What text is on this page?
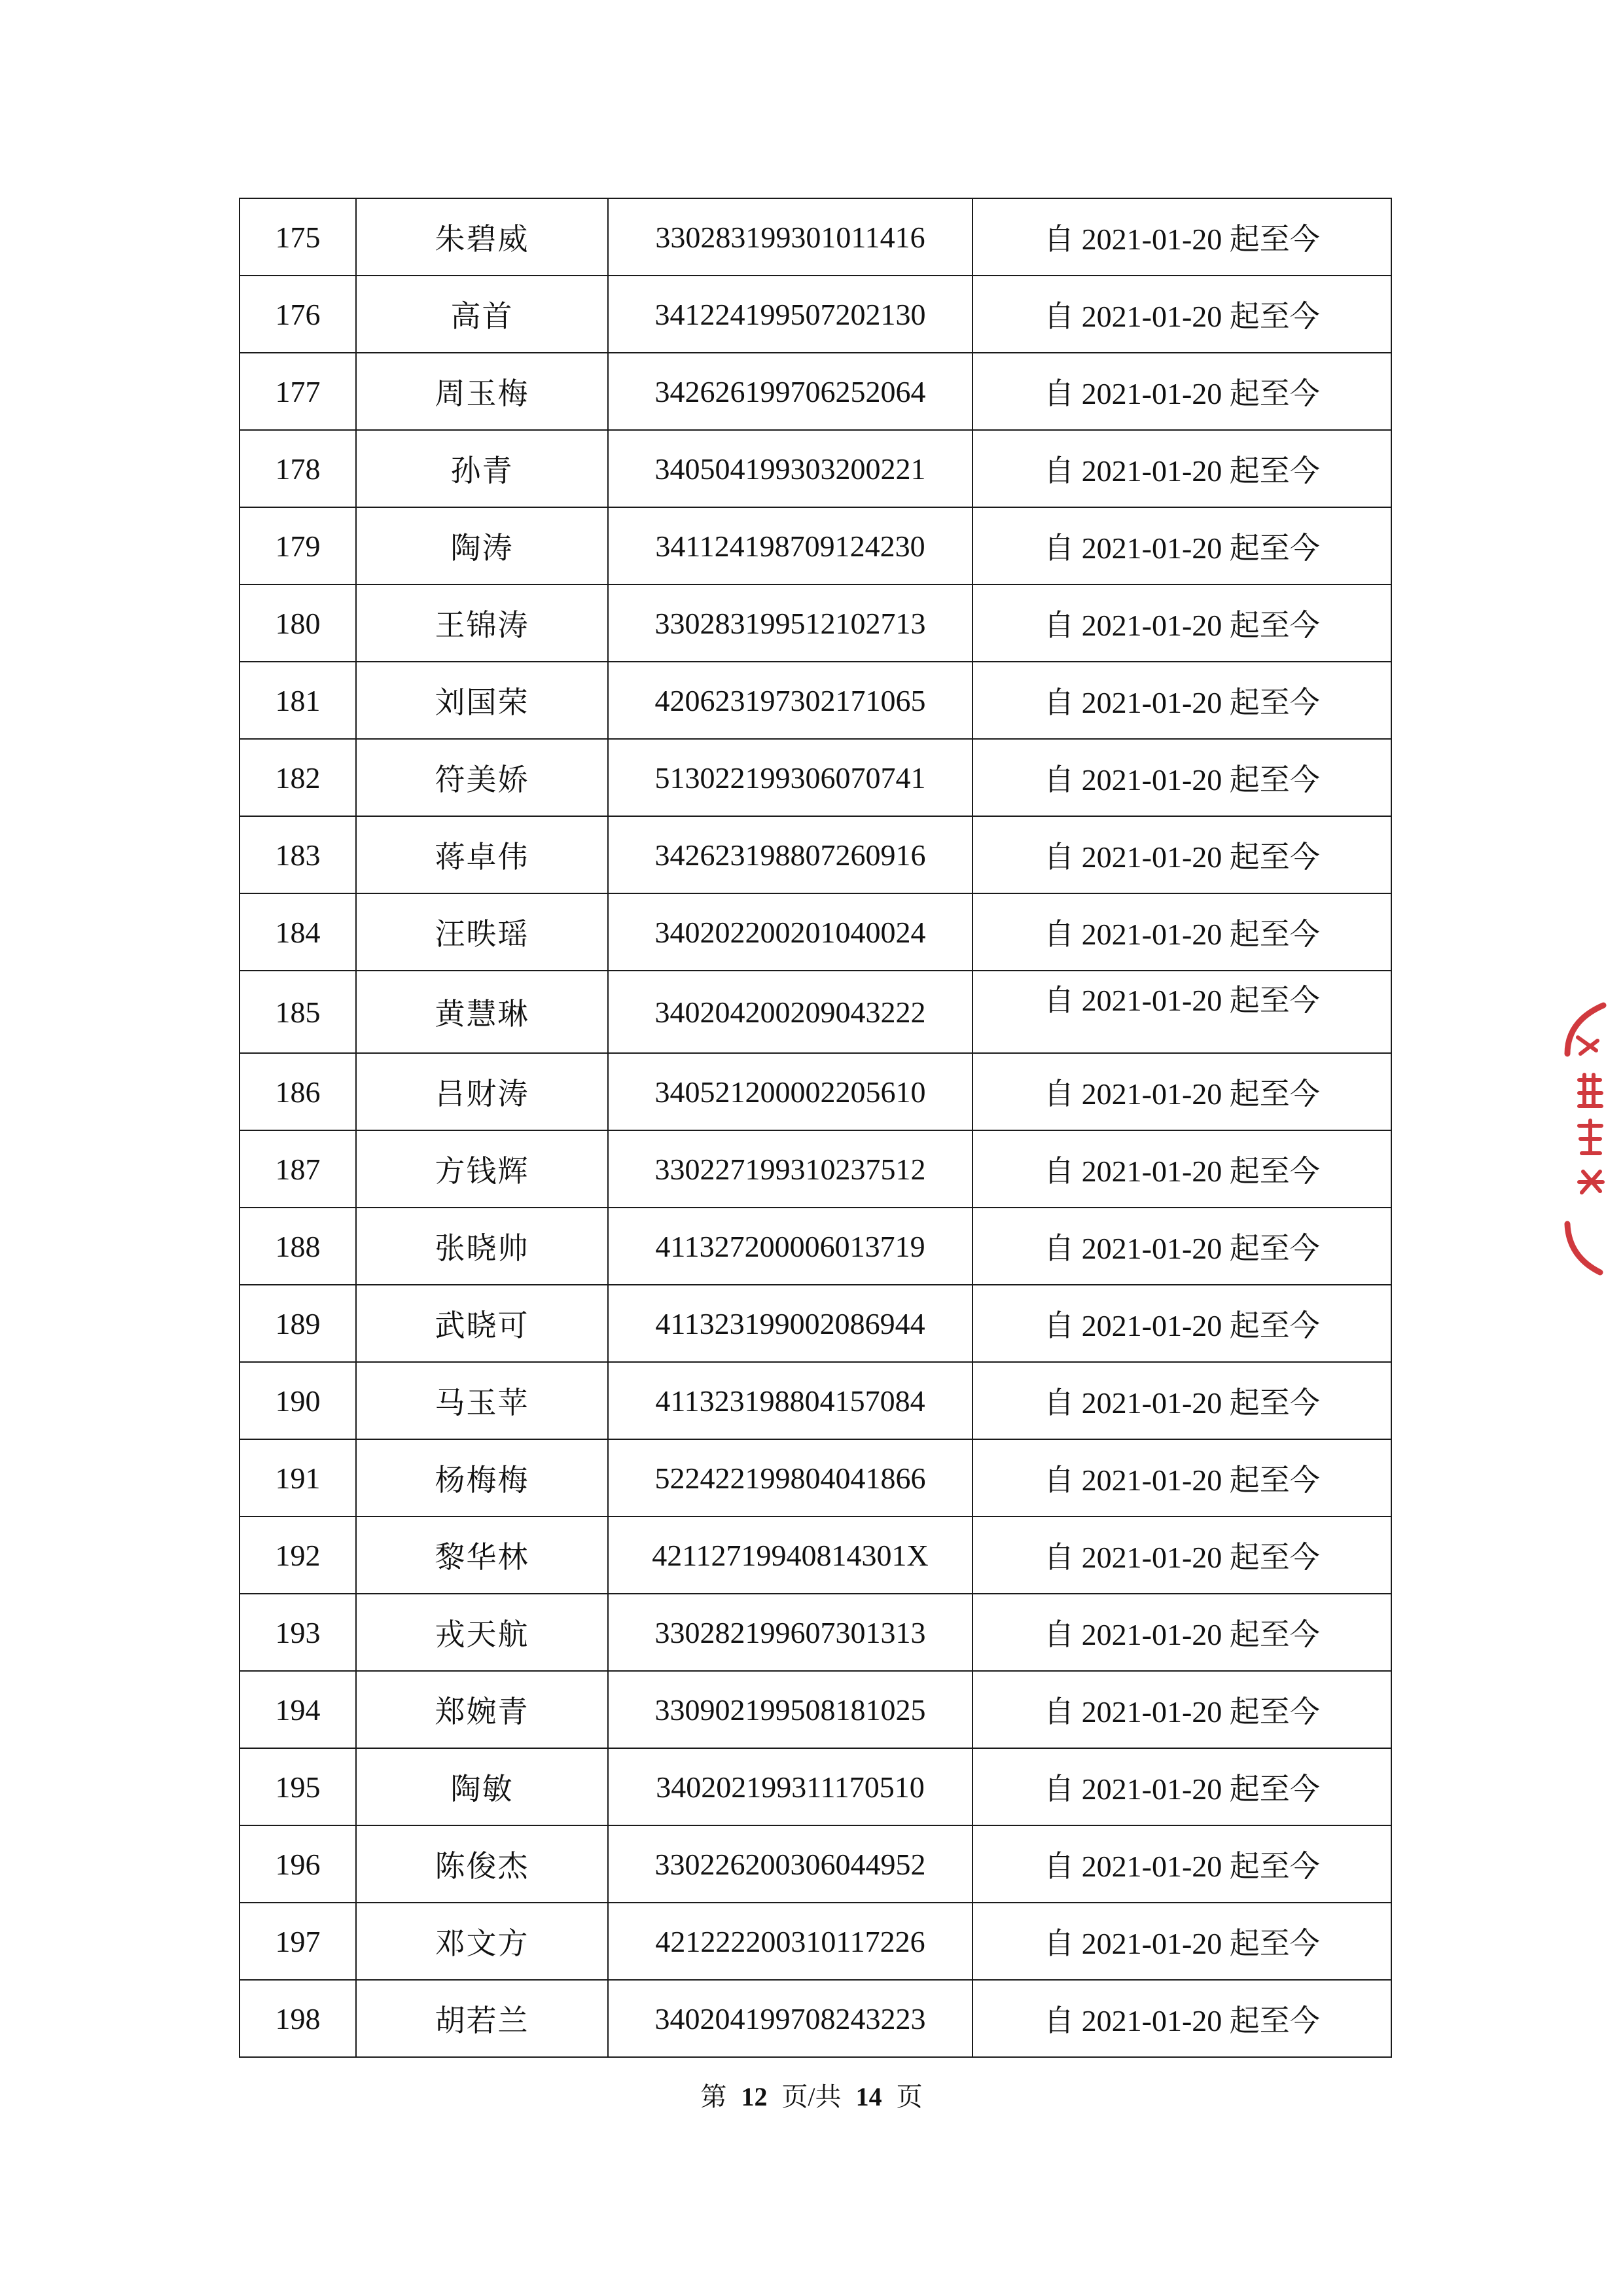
175	朱碧威	330283199301011416	自 2021-01-20 起至今
176	高首	341224199507202130	自 2021-01-20 起至今
177	周玉梅	342626199706252064	自 2021-01-20 起至今
178	孙青	340504199303200221	自 2021-01-20 起至今
179	陶涛	341124198709124230	自 2021-01-20 起至今
180	王锦涛	330283199512102713	自 2021-01-20 起至今
181	刘国荣	420623197302171065	自 2021-01-20 起至今
182	符美娇	513022199306070741	自 2021-01-20 起至今
183	蒋卓伟	342623198807260916	自 2021-01-20 起至今
184	汪昳瑶	340202200201040024	自 2021-01-20 起至今
185	黄慧琳	340204200209043222	自 2021-01-20 起至今
186	吕财涛	340521200002205610	自 2021-01-20 起至今
187	方钱辉	330227199310237512	自 2021-01-20 起至今
188	张晓帅	411327200006013719	自 2021-01-20 起至今
189	武晓可	411323199002086944	自 2021-01-20 起至今
190	马玉苹	411323198804157084	自 2021-01-20 起至今
191	杨梅梅	522422199804041866	自 2021-01-20 起至今
192	黎华林	42112719940814301X	自 2021-01-20 起至今
193	戎天航	330282199607301313	自 2021-01-20 起至今
194	郑婉青	330902199508181025	自 2021-01-20 起至今
195	陶敏	340202199311170510	自 2021-01-20 起至今
196	陈俊杰	330226200306044952	自 2021-01-20 起至今
197	邓文方	421222200310117226	自 2021-01-20 起至今
198	胡若兰	340204199708243223	自 2021-01-20 起至今
第 12 页/共 14 页
